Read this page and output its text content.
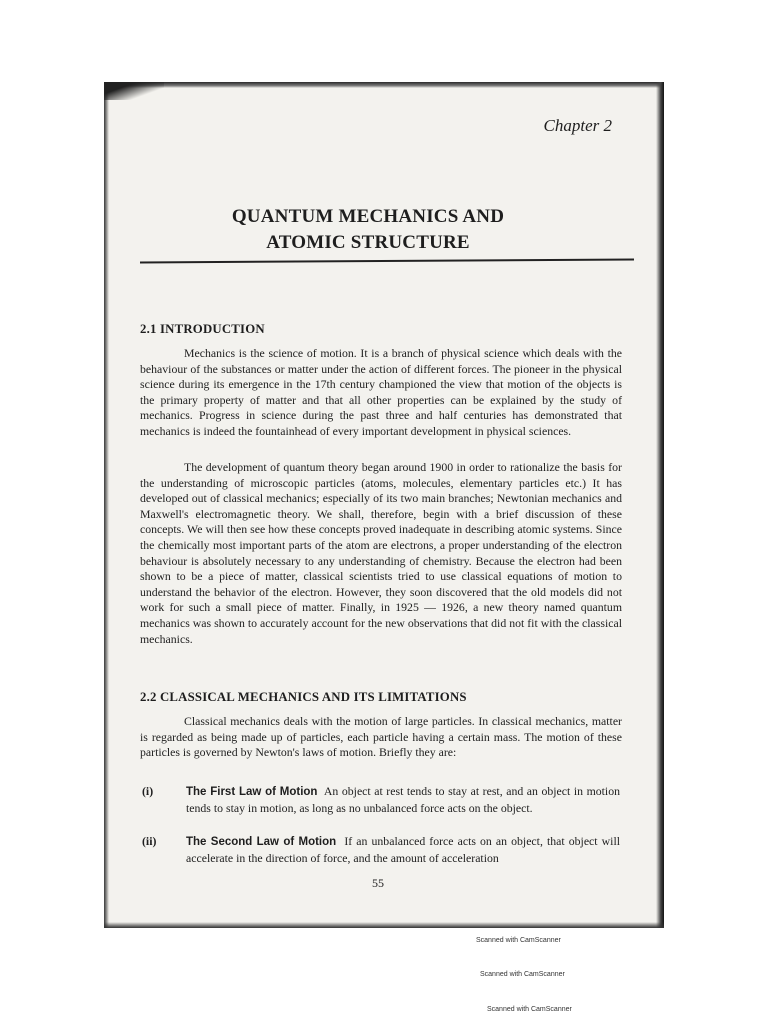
Chapter 2
QUANTUM MECHANICS AND
ATOMIC STRUCTURE
2.1 INTRODUCTION

Mechanics is the science of motion. It is a branch of physical science which deals with the behaviour of the substances or matter under the action of different forces. The pioneer in the physical science during its emergence in the 17th century championed the view that motion of the objects is the primary property of matter and that all other properties can be explained by the study of mechanics. Progress in science during the past three and half centuries has demonstrated that mechanics is indeed the fountainhead of every important development in physical sciences.

The development of quantum theory began around 1900 in order to rationalize the basis for the understanding of microscopic particles (atoms, molecules, elementary particles etc.) It has developed out of classical mechanics; especially of its two main branches; Newtonian mechanics and Maxwell's electromagnetic theory. We shall, therefore, begin with a brief discussion of these concepts. We will then see how these concepts proved inadequate in describing atomic systems. Since the chemically most important parts of the atom are electrons, a proper understanding of the electron behaviour is absolutely necessary to any understanding of chemistry. Because the electron had been shown to be a piece of matter, classical scientists tried to use classical equations of motion to understand the behavior of the electron. However, they soon discovered that the old models did not work for such a small piece of matter. Finally, in 1925 — 1926, a new theory named quantum mechanics was shown to accurately account for the new observations that did not fit with the classical mechanics.

2.2 CLASSICAL MECHANICS AND ITS LIMITATIONS

Classical mechanics deals with the motion of large particles. In classical mechanics, matter is regarded as being made up of particles, each particle having a certain mass. The motion of these particles is governed by Newton's laws of motion. Briefly they are:

(i)	The First Law of Motion An object at rest tends to stay at rest, and an object in motion tends to stay in motion, as long as no unbalanced force acts on the object.
(ii)	The Second Law of Motion If an unbalanced force acts on an object, that object will accelerate in the direction of force, and the amount of acceleration
55
Scanned with CamScanner
Scanned with CamScanner
Scanned with CamScanner
